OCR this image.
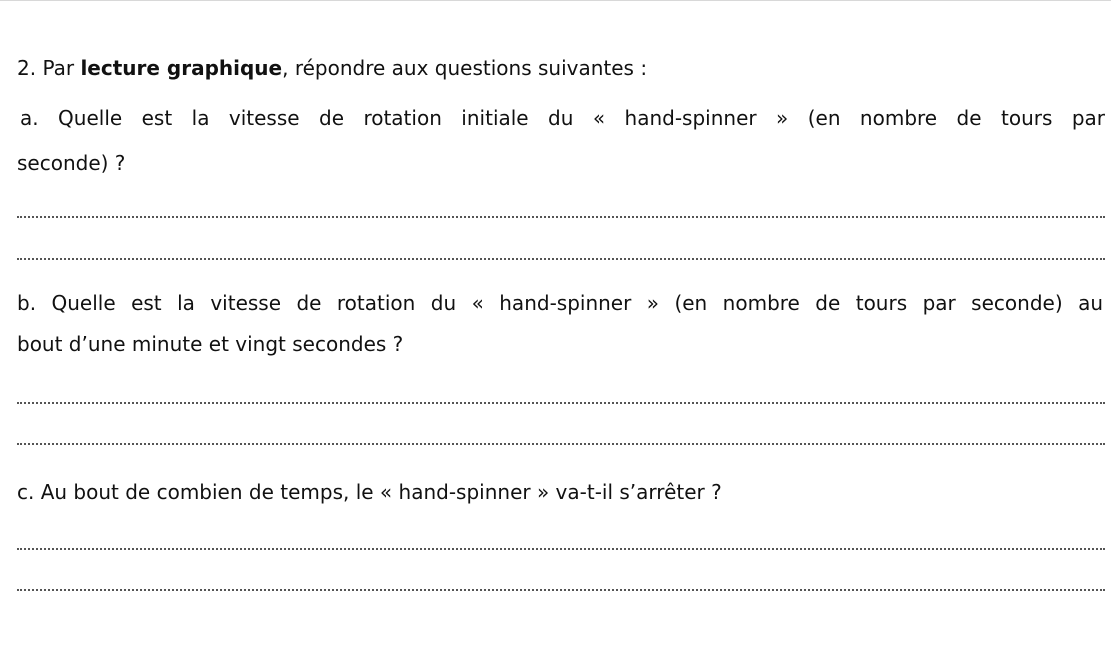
2. Par lecture graphique, répondre aux questions suivantes :
a. Quelle est la vitesse de rotation initiale du « hand-spinner » (en nombre de tours par
seconde) ?
b. Quelle est la vitesse de rotation du « hand-spinner » (en nombre de tours par seconde) au
bout d’une minute et vingt secondes ?
c. Au bout de combien de temps, le « hand-spinner » va-t-il s’arrêter ?
